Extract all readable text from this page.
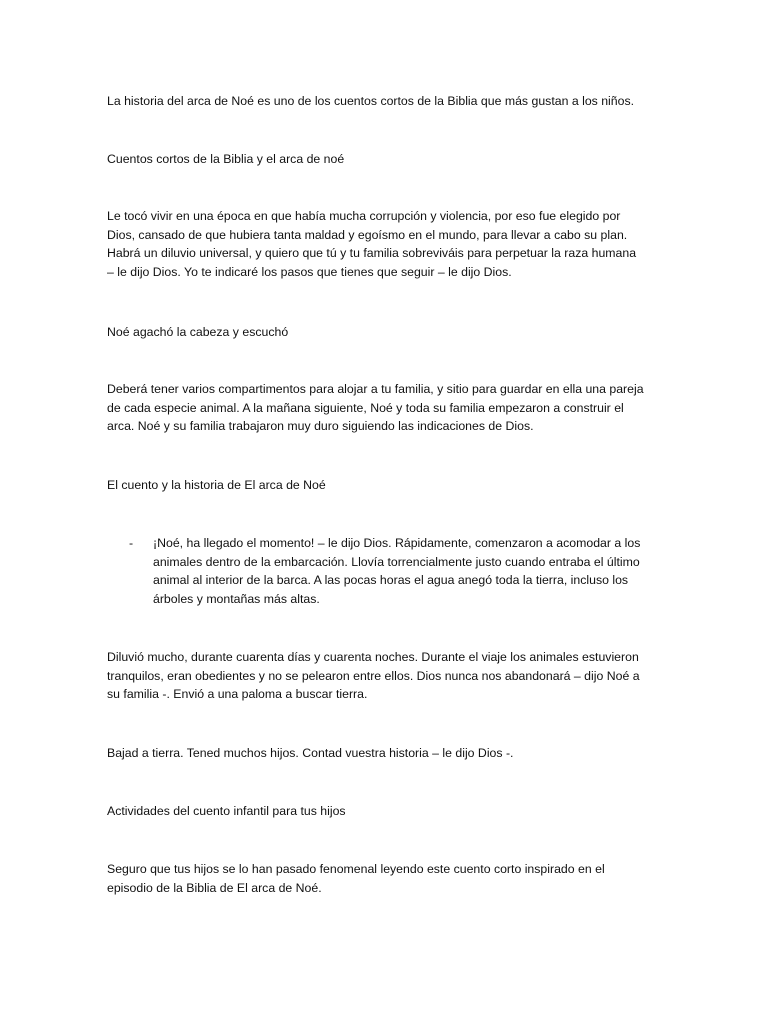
La historia del arca de Noé es uno de los cuentos cortos de la Biblia que más gustan a los niños.

Cuentos cortos de la Biblia y el arca de noé

Le tocó vivir en una época en que había mucha corrupción y violencia, por eso fue elegido por
Dios, cansado de que hubiera tanta maldad y egoísmo en el mundo, para llevar a cabo su plan.
Habrá un diluvio universal, y quiero que tú y tu familia sobreviváis para perpetuar la raza humana
– le dijo Dios. Yo te indicaré los pasos que tienes que seguir – le dijo Dios.

Noé agachó la cabeza y escuchó

Deberá tener varios compartimentos para alojar a tu familia, y sitio para guardar en ella una pareja
de cada especie animal. A la mañana siguiente, Noé y toda su familia empezaron a construir el
arca. Noé y su familia trabajaron muy duro siguiendo las indicaciones de Dios.

El cuento y la historia de El arca de Noé

- ¡Noé, ha llegado el momento! – le dijo Dios. Rápidamente, comenzaron a acomodar a los
animales dentro de la embarcación. Llovía torrencialmente justo cuando entraba el último
animal al interior de la barca. A las pocas horas el agua anegó toda la tierra, incluso los
árboles y montañas más altas.

Diluvió mucho, durante cuarenta días y cuarenta noches. Durante el viaje los animales estuvieron
tranquilos, eran obedientes y no se pelearon entre ellos. Dios nunca nos abandonará – dijo Noé a
su familia -. Envió a una paloma a buscar tierra.

Bajad a tierra. Tened muchos hijos. Contad vuestra historia – le dijo Dios -.

Actividades del cuento infantil para tus hijos

Seguro que tus hijos se lo han pasado fenomenal leyendo este cuento corto inspirado en el
episodio de la Biblia de El arca de Noé.
